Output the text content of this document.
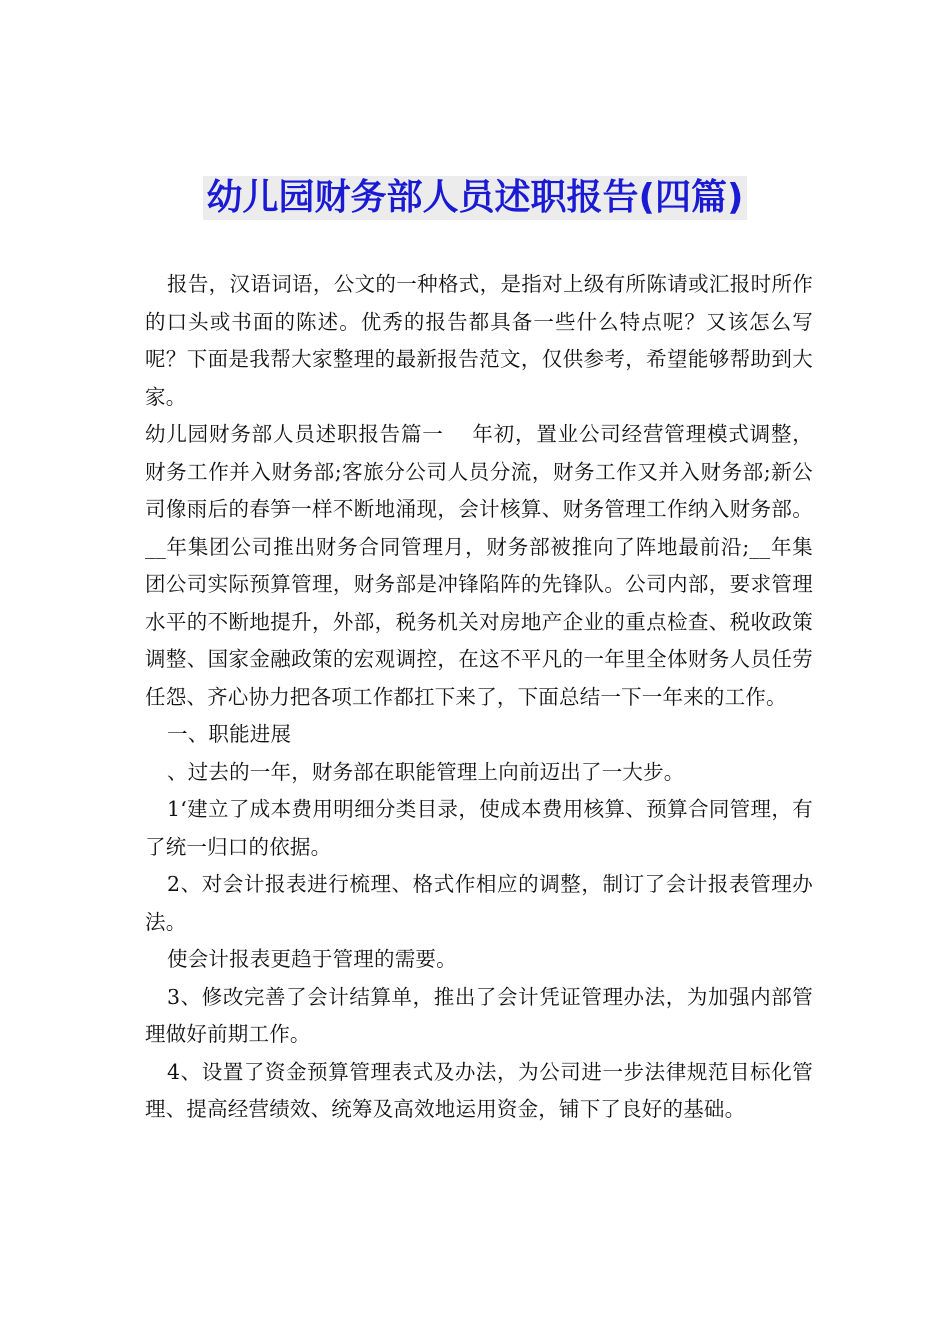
幼儿园财务部人员述职报告(四篇)

报告，汉语词语，公文的一种格式，是指对上级有所陈请或汇报时所作的口头或书面的陈述。优秀的报告都具备一些什么特点呢？又该怎么写呢？下面是我帮大家整理的最新报告范文，仅供参考，希望能够帮助到大家。

幼儿园财务部人员述职报告篇一　 年初，置业公司经营管理模式调整，财务工作并入财务部;客旅分公司人员分流，财务工作又并入财务部;新公司像雨后的春笋一样不断地涌现，会计核算、财务管理工作纳入财务部。__年集团公司推出财务合同管理月，财务部被推向了阵地最前沿;__年集团公司实际预算管理，财务部是冲锋陷阵的先锋队。公司内部，要求管理水平的不断地提升，外部，税务机关对房地产企业的重点检查、税收政策调整、国家金融政策的宏观调控，在这不平凡的一年里全体财务人员任劳任怨、齐心协力把各项工作都扛下来了，下面总结一下一年来的工作。

一、职能进展

、过去的一年，财务部在职能管理上向前迈出了一大步。

1‘建立了成本费用明细分类目录，使成本费用核算、预算合同管理，有了统一归口的依据。

2、对会计报表进行梳理、格式作相应的调整，制订了会计报表管理办法。

使会计报表更趋于管理的需要。

3、修改完善了会计结算单，推出了会计凭证管理办法，为加强内部管理做好前期工作。

4、设置了资金预算管理表式及办法，为公司进一步法律规范目标化管理、提高经营绩效、统筹及高效地运用资金，铺下了良好的基础。
